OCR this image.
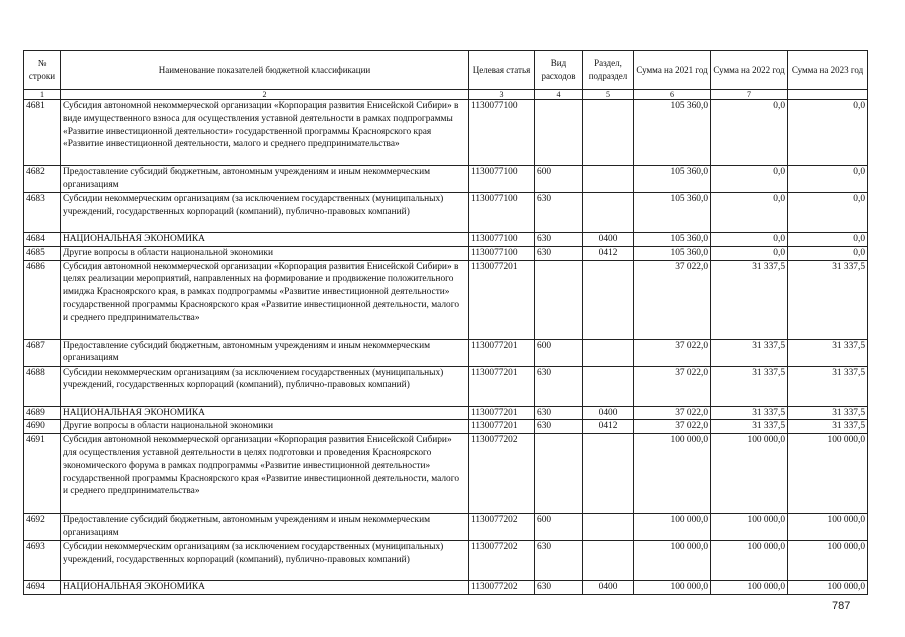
№ строки	Наименование показателей бюджетной классификации	Целевая статья	Вид расходов	Раздел, подраздел	Сумма на 2021 год	Сумма на 2022 год	Сумма на 2023 год
1	2	3	4	5	6	7	
4681	Субсидия автономной некоммерческой организации «Корпорация развития Енисейской Сибири» в виде имущественного взноса для осуществления уставной деятельности в рамках подпрограммы «Развитие инвестиционной деятельности» государственной программы Красноярского края «Развитие инвестиционной деятельности, малого и среднего предпринимательства»	1130077100			105 360,0	0,0	0,0
4682	Предоставление субсидий бюджетным, автономным учреждениям и иным некоммерческим организациям	1130077100	600		105 360,0	0,0	0,0
4683	Субсидии некоммерческим организациям (за исключением государственных (муниципальных) учреждений, государственных корпораций (компаний), публично-правовых компаний)	1130077100	630		105 360,0	0,0	0,0
4684	НАЦИОНАЛЬНАЯ ЭКОНОМИКА	1130077100	630	0400	105 360,0	0,0	0,0
4685	Другие вопросы в области национальной экономики	1130077100	630	0412	105 360,0	0,0	0,0
4686	Субсидия автономной некоммерческой организации «Корпорация развития Енисейской Сибири» в целях реализации мероприятий, направленных на формирование и продвижение положительного имиджа Красноярского края, в рамках подпрограммы «Развитие инвестиционной деятельности» государственной программы Красноярского края «Развитие инвестиционной деятельности, малого и среднего предпринимательства»	1130077201			37 022,0	31 337,5	31 337,5
4687	Предоставление субсидий бюджетным, автономным учреждениям и иным некоммерческим организациям	1130077201	600		37 022,0	31 337,5	31 337,5
4688	Субсидии некоммерческим организациям (за исключением государственных (муниципальных) учреждений, государственных корпораций (компаний), публично-правовых компаний)	1130077201	630		37 022,0	31 337,5	31 337,5
4689	НАЦИОНАЛЬНАЯ ЭКОНОМИКА	1130077201	630	0400	37 022,0	31 337,5	31 337,5
4690	Другие вопросы в области национальной экономики	1130077201	630	0412	37 022,0	31 337,5	31 337,5
4691	Субсидия автономной некоммерческой организации «Корпорация развития Енисейской Сибири» для осуществления уставной деятельности в целях подготовки и проведения Красноярского экономического форума в рамках подпрограммы «Развитие инвестиционной деятельности» государственной программы Красноярского края «Развитие инвестиционной деятельности, малого и среднего предпринимательства»	1130077202			100 000,0	100 000,0	100 000,0
4692	Предоставление субсидий бюджетным, автономным учреждениям и иным некоммерческим организациям	1130077202	600		100 000,0	100 000,0	100 000,0
4693	Субсидии некоммерческим организациям (за исключением государственных (муниципальных) учреждений, государственных корпораций (компаний), публично-правовых компаний)	1130077202	630		100 000,0	100 000,0	100 000,0
4694	НАЦИОНАЛЬНАЯ ЭКОНОМИКА	1130077202	630	0400	100 000,0	100 000,0	100 000,0
787
